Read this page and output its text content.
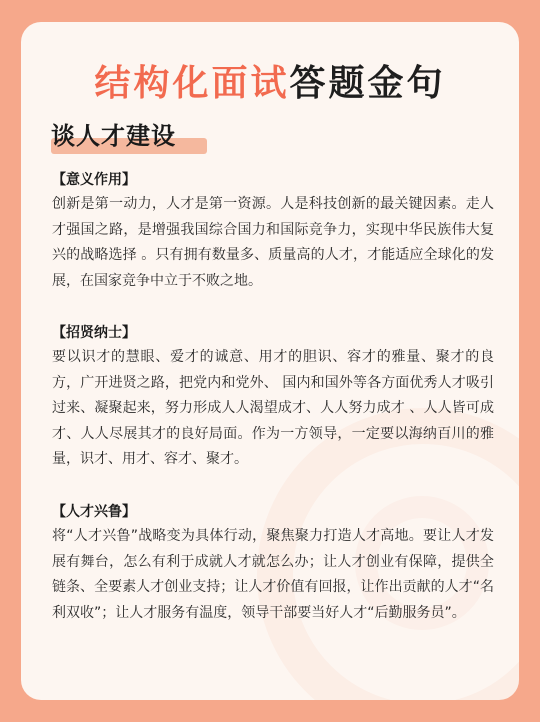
结构化面试答题金句
谈人才建设
【意义作用】
创新是第一动力，人才是第一资源。人是科技创新的最关键因素。走人才强国之路，是增强我国综合国力和国际竞争力，实现中华民族伟大复兴的战略选择 。只有拥有数量多、质量高的人才，才能适应全球化的发展，在国家竞争中立于不败之地。
【招贤纳士】
要以识才的慧眼、爱才的诚意、用才的胆识、容才的雅量、聚才的良方，广开进贤之路，把党内和党外、 国内和国外等各方面优秀人才吸引过来、凝聚起来，努力形成人人渴望成才、人人努力成才 、人人皆可成才、人人尽展其才的良好局面。作为一方领导，一定要以海纳百川的雅量，识才、用才、容才、聚才。
【人才兴鲁】
将“人才兴鲁”战略变为具体行动，聚焦聚力打造人才高地。要让人才发展有舞台，怎么有利于成就人才就怎么办；让人才创业有保障，提供全链条、全要素人才创业支持；让人才价值有回报，让作出贡献的人才“名利双收”；让人才服务有温度，领导干部要当好人才“后勤服务员”。
